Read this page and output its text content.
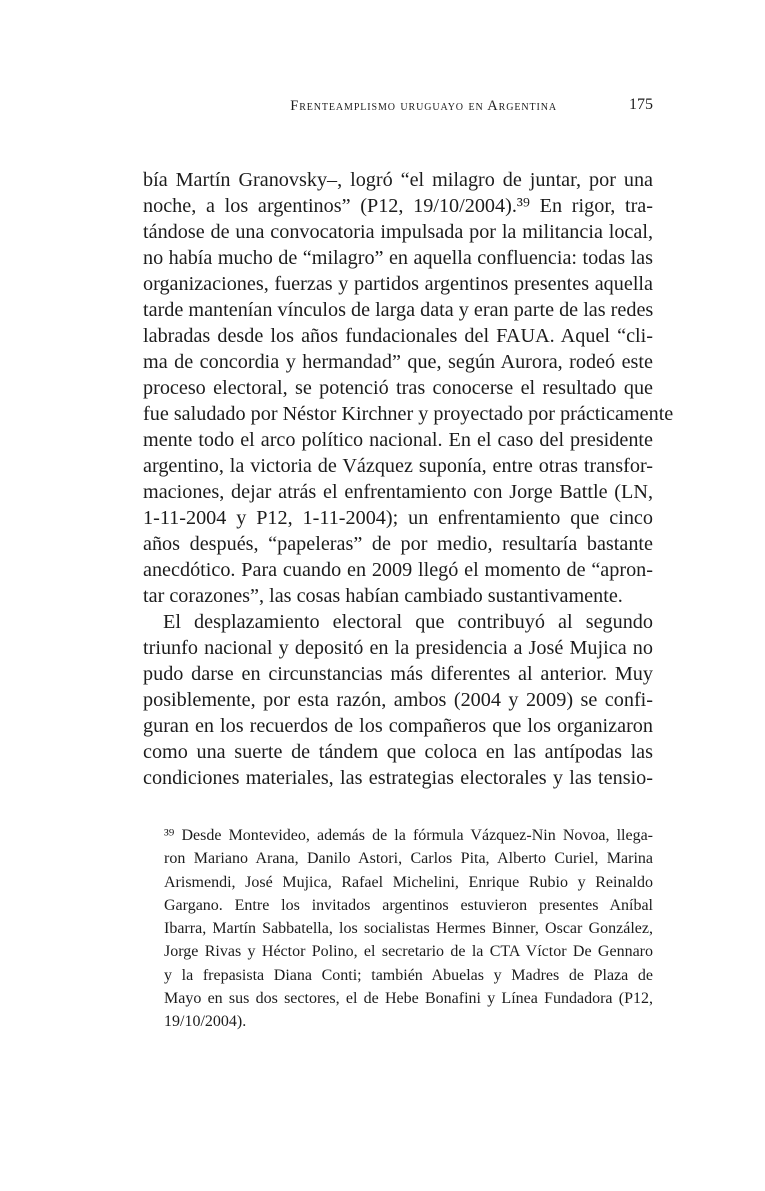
Frenteamplismo uruguayo en Argentina	175
bía Martín Granovsky–, logró “el milagro de juntar, por una
noche, a los argentinos” (P12, 19/10/2004).³⁹ En rigor, tra-
tándose de una convocatoria impulsada por la militancia local,
no había mucho de “milagro” en aquella confluencia: todas las
organizaciones, fuerzas y partidos argentinos presentes aquella
tarde mantenían vínculos de larga data y eran parte de las redes
labradas desde los años fundacionales del FAUA. Aquel “cli-
ma de concordia y hermandad” que, según Aurora, rodeó este
proceso electoral, se potenció tras conocerse el resultado que
fue saludado por Néstor Kirchner y proyectado por prácticamente
mente todo el arco político nacional. En el caso del presidente
argentino, la victoria de Vázquez suponía, entre otras transfor-
maciones, dejar atrás el enfrentamiento con Jorge Battle (LN,
1-11-2004 y P12, 1-11-2004); un enfrentamiento que cinco
años después, “papeleras” de por medio, resultaría bastante
anecdótico. Para cuando en 2009 llegó el momento de “apron-
tar corazones”, las cosas habían cambiado sustantivamente.
El desplazamiento electoral que contribuyó al segundo
triunfo nacional y depositó en la presidencia a José Mujica no
pudo darse en circunstancias más diferentes al anterior. Muy
posiblemente, por esta razón, ambos (2004 y 2009) se confi-
guran en los recuerdos de los compañeros que los organizaron
como una suerte de tándem que coloca en las antípodas las
condiciones materiales, las estrategias electorales y las tensio-
³⁹ Desde Montevideo, además de la fórmula Vázquez-Nin Novoa, llega-
ron Mariano Arana, Danilo Astori, Carlos Pita, Alberto Curiel, Marina
Arismendi, José Mujica, Rafael Michelini, Enrique Rubio y Reinaldo
Gargano. Entre los invitados argentinos estuvieron presentes Aníbal
Ibarra, Martín Sabbatella, los socialistas Hermes Binner, Oscar González,
Jorge Rivas y Héctor Polino, el secretario de la CTA Víctor De Gennaro
y la frepasista Diana Conti; también Abuelas y Madres de Plaza de
Mayo en sus dos sectores, el de Hebe Bonafini y Línea Fundadora (P12,
19/10/2004).
